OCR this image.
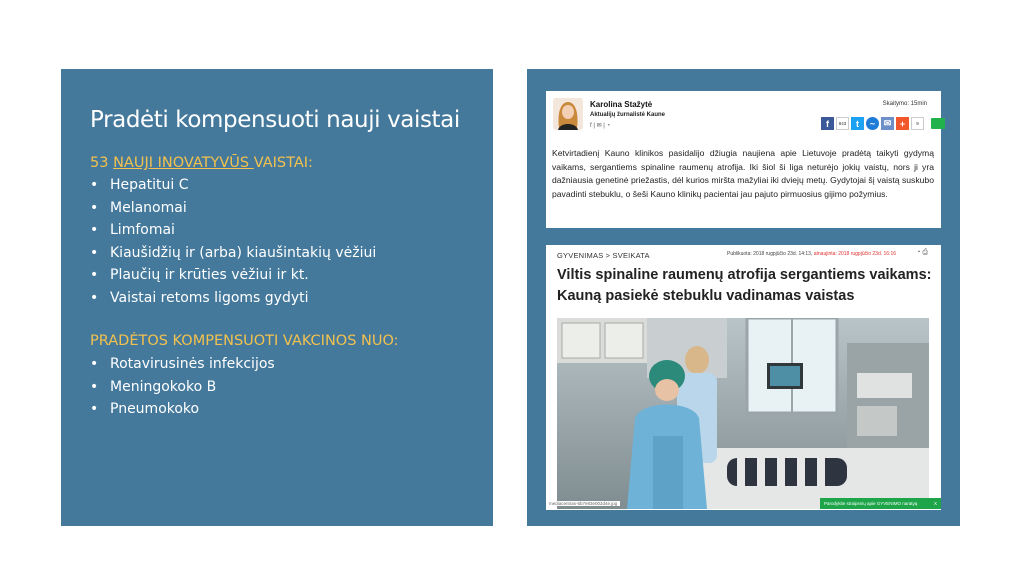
Pradėti kompensuoti nauji vaistai
53 NAUJI INOVATYVŪS VAISTAI:
• Hepatitui C
• Melanomai
• Limfomai
• Kiaušidžių ir (arba) kiaušintakių vėžiui
• Plaučių ir krūties vėžiui ir kt.
• Vaistai retoms ligoms gydyti
PRADĖTOS KOMPENSUOTI VAKCINOS NUO:
• Rotavirusinės infekcijos
• Meningokoko B
• Pneumokoko
Karolina Stažytė
Aktualijų žurnalistė Kaune
f | ✉ | ◔
Skaitymo: 15min
f	843	t	~ ✉ +	9
Ketvirtadienį Kauno klinikos pasidalijo džiugia naujiena apie Lietuvoje pradėtą taikyti gydymą vaikams, sergantiems spinaline raumenų atrofija. Iki šiol ši liga neturėjo jokių vaistų, nors ji yra dažniausia genetinė priežastis, dėl kurios miršta mažyliai iki dviejų metų. Gydytojai šį vaistą suskubo pavadinti stebuklu, o šeši Kauno klinikų pacientai jau pajuto pirmuosius gijimo požymius.
GYVENIMAS > SVEIKATA	Publikuota: 2018 rugpjūčio 23d. 14:13, atnaujinta: 2018 rugpjūčio 23d. 16:16	◔ ⎙
Viltis spinaline raumenų atrofija sergantiems vaikams: Kauną pasiekė stebuklu vadinamas vaistas
mediacentras-5b7e83e002d4e.jpg	Parodykite straipsnių apie GYVENIMO naratyą	X
